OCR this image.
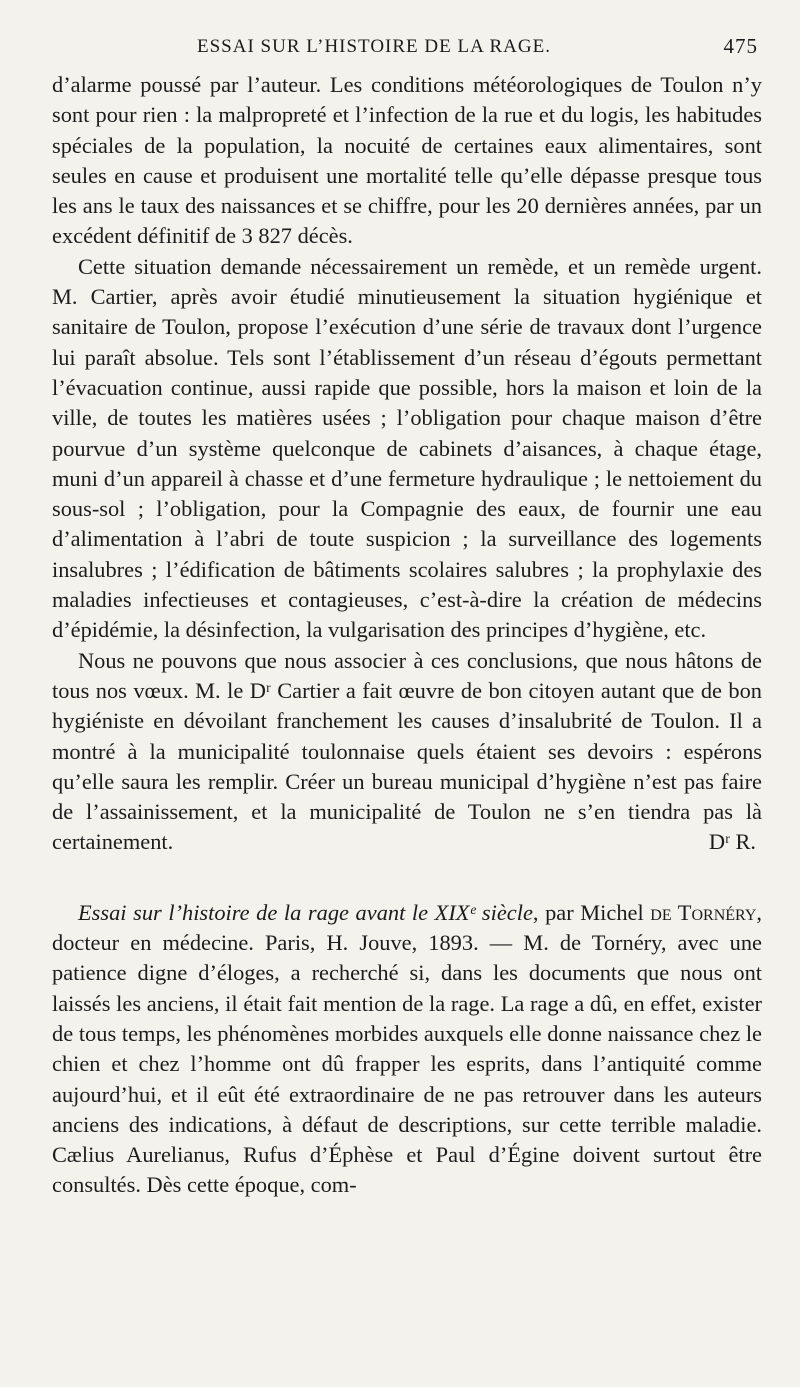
ESSAI SUR L’HISTOIRE DE LA RAGE.	475

d’alarme poussé par l’auteur. Les conditions météorologiques de Toulon n’y sont pour rien : la malpropreté et l’infection de la rue et du logis, les habitudes spéciales de la population, la nocuité de certaines eaux alimentaires, sont seules en cause et produisent une mortalité telle qu’elle dépasse presque tous les ans le taux des naissances et se chiffre, pour les 20 dernières années, par un excédent définitif de 3 827 décès.

Cette situation demande nécessairement un remède, et un remède urgent. M. Cartier, après avoir étudié minutieusement la situation hygiénique et sanitaire de Toulon, propose l’exécution d’une série de travaux dont l’urgence lui paraît absolue. Tels sont l’établissement d’un réseau d’égouts permettant l’évacuation continue, aussi rapide que possible, hors la maison et loin de la ville, de toutes les matières usées ; l’obligation pour chaque maison d’être pourvue d’un système quelconque de cabinets d’aisances, à chaque étage, muni d’un appareil à chasse et d’une fermeture hydraulique ; le nettoiement du sous-sol ; l’obligation, pour la Compagnie des eaux, de fournir une eau d’alimentation à l’abri de toute suspicion ; la surveillance des logements insalubres ; l’édification de bâtiments scolaires salubres ; la prophylaxie des maladies infectieuses et contagieuses, c’est-à-dire la création de médecins d’épidémie, la désinfection, la vulgarisation des principes d’hygiène, etc.

Nous ne pouvons que nous associer à ces conclusions, que nous hâtons de tous nos vœux. M. le Dʳ Cartier a fait œuvre de bon citoyen autant que de bon hygiéniste en dévoilant franchement les causes d’insalubrité de Toulon. Il a montré à la municipalité toulonnaise quels étaient ses devoirs : espérons qu’elle saura les remplir. Créer un bureau municipal d’hygiène n’est pas faire de l’assainissement, et la municipalité de Toulon ne s’en tiendra pas là certainement.	Dʳ R.

Essai sur l’histoire de la rage avant le XIXᵉ siècle, par Michel de Tornéry, docteur en médecine. Paris, H. Jouve, 1893. — M. de Tornéry, avec une patience digne d’éloges, a recherché si, dans les documents que nous ont laissés les anciens, il était fait mention de la rage. La rage a dû, en effet, exister de tous temps, les phénomènes morbides auxquels elle donne naissance chez le chien et chez l’homme ont dû frapper les esprits, dans l’antiquité comme aujourd’hui, et il eût été extraordinaire de ne pas retrouver dans les auteurs anciens des indications, à défaut de descriptions, sur cette terrible maladie. Cælius Aurelianus, Rufus d’Éphèse et Paul d’Égine doivent surtout être consultés. Dès cette époque, com-
